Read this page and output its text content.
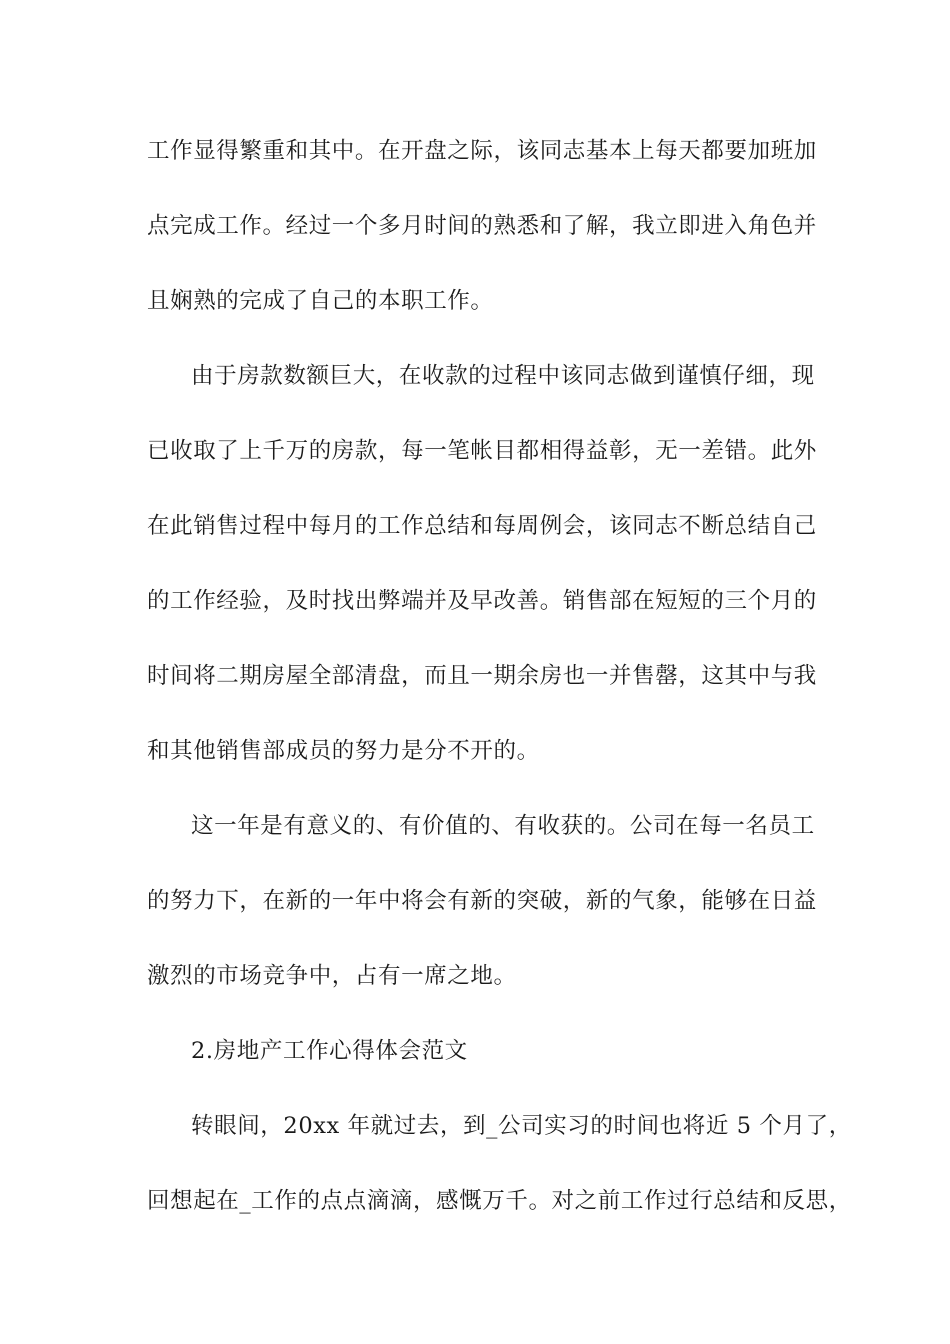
工作显得繁重和其中。在开盘之际，该同志基本上每天都要加班加
点完成工作。经过一个多月时间的熟悉和了解，我立即进入角色并
且娴熟的完成了自己的本职工作。
由于房款数额巨大，在收款的过程中该同志做到谨慎仔细，现
已收取了上千万的房款，每一笔帐目都相得益彰，无一差错。此外
在此销售过程中每月的工作总结和每周例会，该同志不断总结自己
的工作经验，及时找出弊端并及早改善。销售部在短短的三个月的
时间将二期房屋全部清盘，而且一期余房也一并售罄，这其中与我
和其他销售部成员的努力是分不开的。
这一年是有意义的、有价值的、有收获的。公司在每一名员工
的努力下，在新的一年中将会有新的突破，新的气象，能够在日益
激烈的市场竞争中，占有一席之地。
2.房地产工作心得体会范文
转眼间，20xx 年就过去，到_公司实习的时间也将近 5 个月了，
回想起在_工作的点点滴滴，感慨万千。对之前工作过行总结和反思，
